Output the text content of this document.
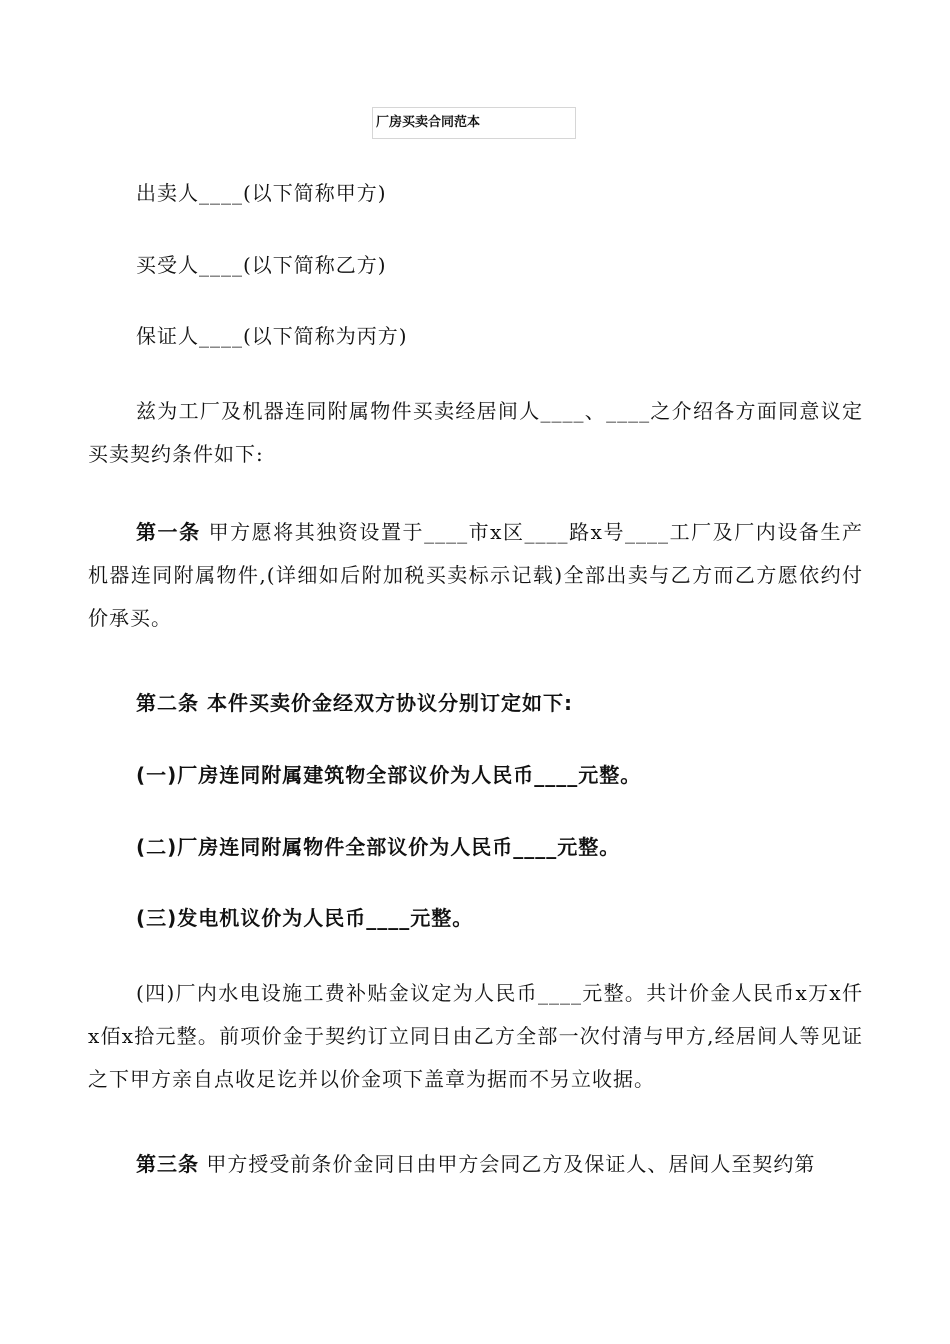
厂房买卖合同范本
出卖人____(以下简称甲方)
买受人____(以下简称乙方)
保证人____(以下简称为丙方)
兹为工厂及机器连同附属物件买卖经居间人____、____之介绍各方面同意议定买卖契约条件如下:
第一条 甲方愿将其独资设置于____市x区____路x号____工厂及厂内设备生产机器连同附属物件,(详细如后附加税买卖标示记载)全部出卖与乙方而乙方愿依约付价承买。
第二条 本件买卖价金经双方协议分别订定如下:
(一)厂房连同附属建筑物全部议价为人民币____元整。
(二)厂房连同附属物件全部议价为人民币____元整。
(三)发电机议价为人民币____元整。
(四)厂内水电设施工费补贴金议定为人民币____元整。共计价金人民币x万x仟x佰x拾元整。前项价金于契约订立同日由乙方全部一次付清与甲方,经居间人等见证之下甲方亲自点收足讫并以价金项下盖章为据而不另立收据。
第三条 甲方授受前条价金同日由甲方会同乙方及保证人、居间人至契约第
